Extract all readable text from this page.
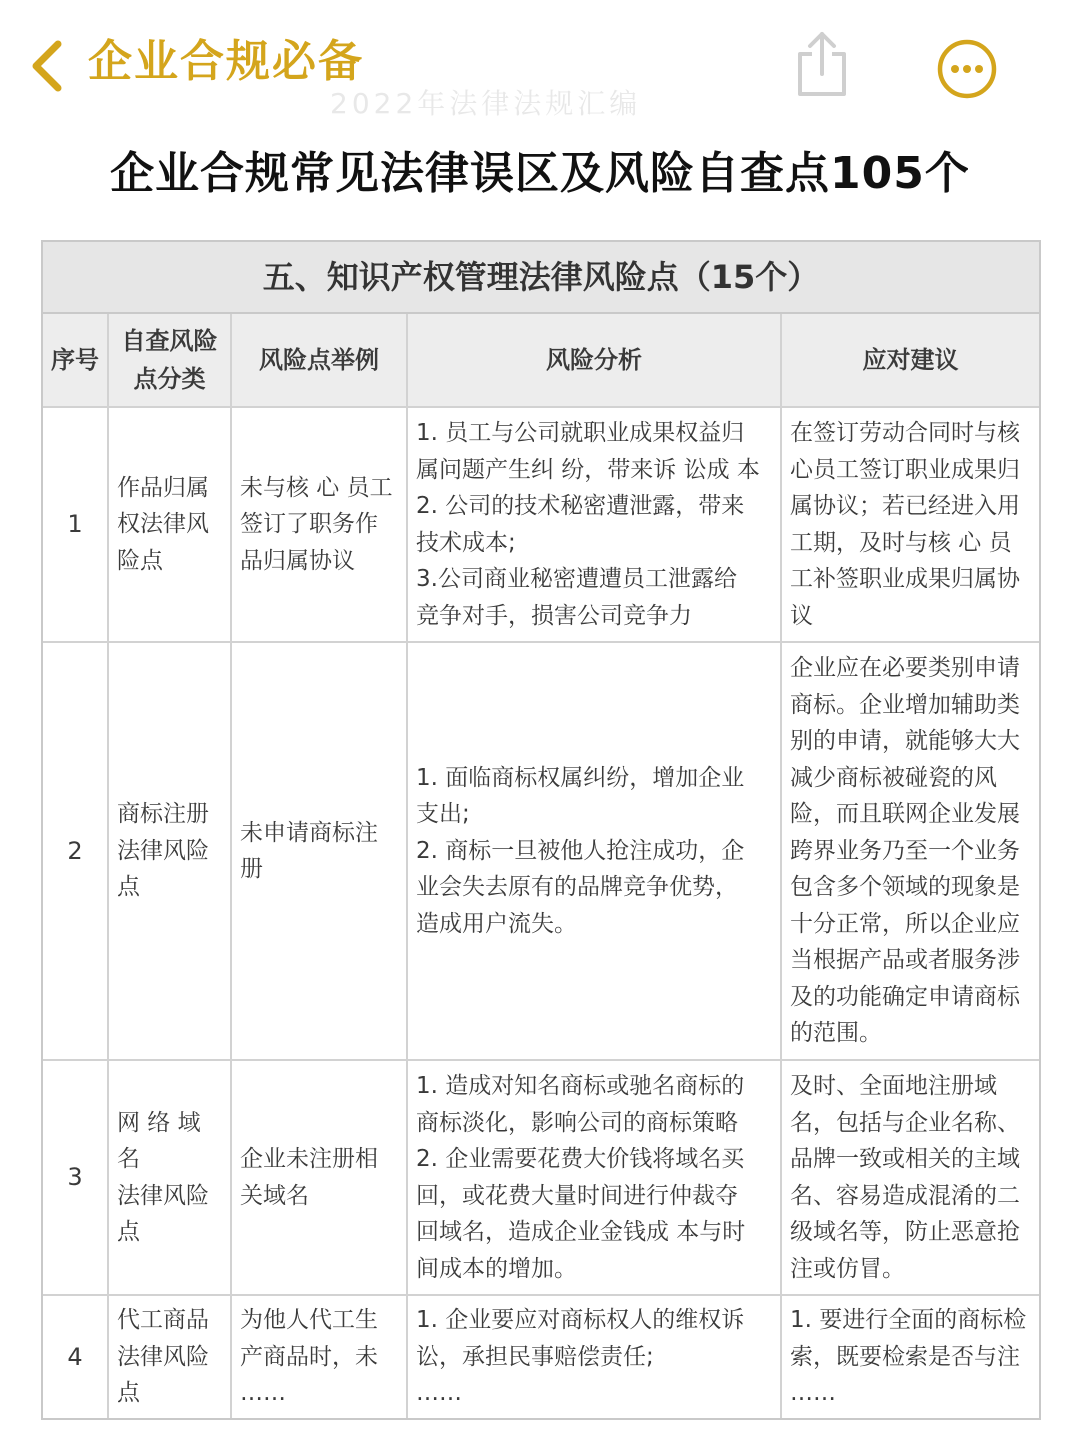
企业合规必备
2022年法律法规汇编
企业合规常见法律误区及风险自查点105个
五、知识产权管理法律风险点（15个）
序号
自查风险
点分类
风险点举例	风险分析	应对建议
1
作品归属
权法律风
险点
未与核 心 员工
签订了职务作
品归属协议
1. 员工与公司就职业成果权益归
属问题产生纠 纷，带来诉 讼成 本
2. 公司的技术秘密遭泄露，带来
技术成本;
3.公司商业秘密遭遭员工泄露给
竞争对手，损害公司竞争力
在签订劳动合同时与核
心员工签订职业成果归
属协议；若已经进入用
工期，及时与核 心 员
工补签职业成果归属协
议
2
商标注册
法律风险
点
未申请商标注
册
1. 面临商标权属纠纷，增加企业
支出;
2. 商标一旦被他人抢注成功，企
业会失去原有的品牌竞争优势，
造成用户流失。
企业应在必要类别申请
商标。企业增加辅助类
别的申请，就能够大大
减少商标被碰瓷的风
险，而且联网企业发展
跨界业务乃至一个业务
包含多个领域的现象是
十分正常，所以企业应
当根据产品或者服务涉
及的功能确定申请商标
的范围。
3
网 络 域名
法律风险
点
企业未注册相
关域名
1. 造成对知名商标或驰名商标的
商标淡化，影响公司的商标策略
2. 企业需要花费大价钱将域名买
回，或花费大量时间进行仲裁夺
回域名，造成企业金钱成 本与时
间成本的增加。
及时、全面地注册域
名，包括与企业名称、
品牌一致或相关的主域
名、容易造成混淆的二
级域名等，防止恶意抢
注或仿冒。
4
代工商品
法律风险
点
为他人代工生
产商品时，未
……
1. 企业要应对商标权人的维权诉
讼，承担民事赔偿责任;
……
1. 要进行全面的商标检
索，既要检索是否与注
……
